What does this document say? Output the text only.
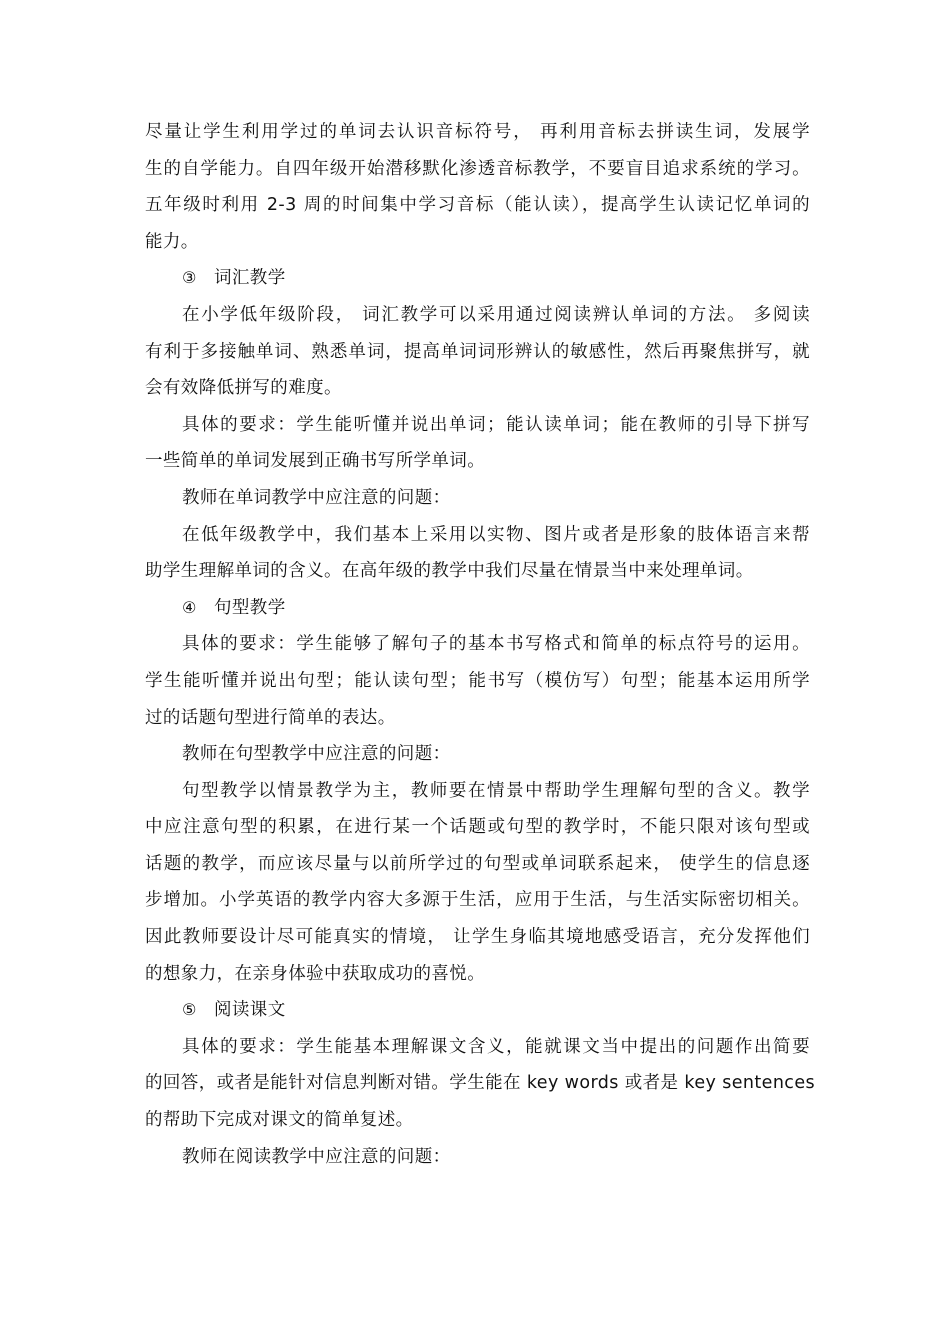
尽量让学生利用学过的单词去认识音标符号， 再利用音标去拼读生词，发展学
生的自学能力。自四年级开始潜移默化渗透音标教学，不要盲目追求系统的学习。
五年级时利用 2-3 周的时间集中学习音标（能认读），提高学生认读记忆单词的
能力。
③ 词汇教学
在小学低年级阶段， 词汇教学可以采用通过阅读辨认单词的方法。 多阅读
有利于多接触单词、熟悉单词，提高单词词形辨认的敏感性，然后再聚焦拼写，就
会有效降低拼写的难度。
具体的要求：学生能听懂并说出单词；能认读单词；能在教师的引导下拼写
一些简单的单词发展到正确书写所学单词。
教师在单词教学中应注意的问题：
在低年级教学中，我们基本上采用以实物、图片或者是形象的肢体语言来帮
助学生理解单词的含义。在高年级的教学中我们尽量在情景当中来处理单词。
④ 句型教学
具体的要求：学生能够了解句子的基本书写格式和简单的标点符号的运用。
学生能听懂并说出句型；能认读句型；能书写（模仿写）句型；能基本运用所学
过的话题句型进行简单的表达。
教师在句型教学中应注意的问题：
句型教学以情景教学为主，教师要在情景中帮助学生理解句型的含义。教学
中应注意句型的积累，在进行某一个话题或句型的教学时，不能只限对该句型或
话题的教学，而应该尽量与以前所学过的句型或单词联系起来， 使学生的信息逐
步增加。小学英语的教学内容大多源于生活，应用于生活，与生活实际密切相关。
因此教师要设计尽可能真实的情境， 让学生身临其境地感受语言，充分发挥他们
的想象力，在亲身体验中获取成功的喜悦。
⑤ 阅读课文
具体的要求：学生能基本理解课文含义，能就课文当中提出的问题作出简要
的回答，或者是能针对信息判断对错。学生能在 key words 或者是 key sentences
的帮助下完成对课文的简单复述。
教师在阅读教学中应注意的问题：
